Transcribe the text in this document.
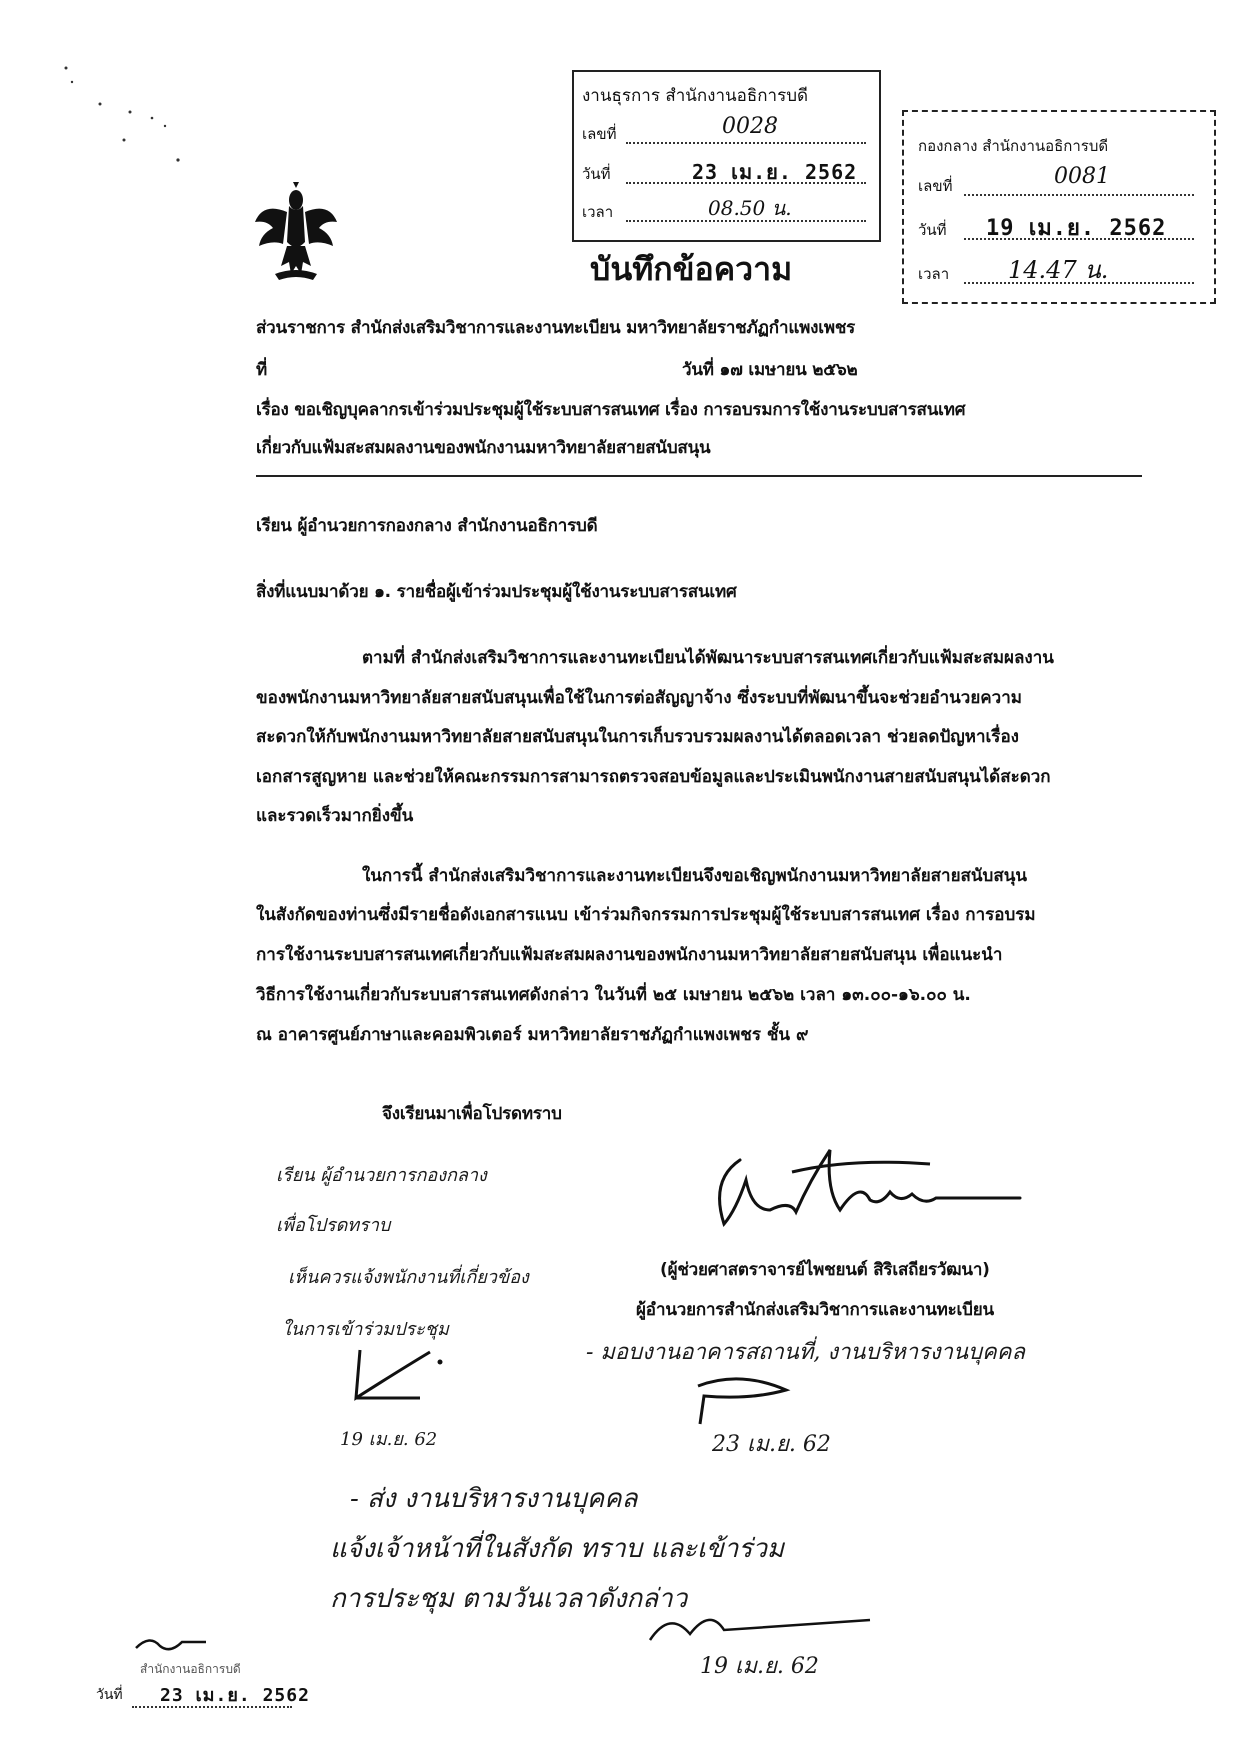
งานธุรการ สำนักงานอธิการบดี
เลขที่	0028
วันที่	23 เม.ย. 2562
เวลา	08.50 น.
กองกลาง สำนักงานอธิการบดี
เลขที่	0081
วันที่ 19 เม.ย. 2562
เวลา 14.47 น.
บันทึกข้อความ
ส่วนราชการ สำนักส่งเสริมวิชาการและงานทะเบียน มหาวิทยาลัยราชภัฏกำแพงเพชร
ที่	วันที่ ๑๗ เมษายน ๒๕๖๒
เรื่อง ขอเชิญบุคลากรเข้าร่วมประชุมผู้ใช้ระบบสารสนเทศ เรื่อง การอบรมการใช้งานระบบสารสนเทศ
เกี่ยวกับแฟ้มสะสมผลงานของพนักงานมหาวิทยาลัยสายสนับสนุน
เรียน ผู้อำนวยการกองกลาง สำนักงานอธิการบดี
สิ่งที่แนบมาด้วย ๑. รายชื่อผู้เข้าร่วมประชุมผู้ใช้งานระบบสารสนเทศ
ตามที่ สำนักส่งเสริมวิชาการและงานทะเบียนได้พัฒนาระบบสารสนเทศเกี่ยวกับแฟ้มสะสมผลงาน
ของพนักงานมหาวิทยาลัยสายสนับสนุนเพื่อใช้ในการต่อสัญญาจ้าง ซึ่งระบบที่พัฒนาขึ้นจะช่วยอำนวยความ
สะดวกให้กับพนักงานมหาวิทยาลัยสายสนับสนุนในการเก็บรวบรวมผลงานได้ตลอดเวลา ช่วยลดปัญหาเรื่อง
เอกสารสูญหาย และช่วยให้คณะกรรมการสามารถตรวจสอบข้อมูลและประเมินพนักงานสายสนับสนุนได้สะดวก
และรวดเร็วมากยิ่งขึ้น
ในการนี้ สำนักส่งเสริมวิชาการและงานทะเบียนจึงขอเชิญพนักงานมหาวิทยาลัยสายสนับสนุน
ในสังกัดของท่านซึ่งมีรายชื่อดังเอกสารแนบ เข้าร่วมกิจกรรมการประชุมผู้ใช้ระบบสารสนเทศ เรื่อง การอบรม
การใช้งานระบบสารสนเทศเกี่ยวกับแฟ้มสะสมผลงานของพนักงานมหาวิทยาลัยสายสนับสนุน เพื่อแนะนำ
วิธีการใช้งานเกี่ยวกับระบบสารสนเทศดังกล่าว ในวันที่ ๒๕ เมษายน ๒๕๖๒ เวลา ๑๓.๐๐-๑๖.๐๐ น.
ณ อาคารศูนย์ภาษาและคอมพิวเตอร์ มหาวิทยาลัยราชภัฏกำแพงเพชร ชั้น ๙
จึงเรียนมาเพื่อโปรดทราบ
(ผู้ช่วยศาสตราจารย์ไพชยนต์ สิริเสถียรวัฒนา)
ผู้อำนวยการสำนักส่งเสริมวิชาการและงานทะเบียน
เรียน ผู้อำนวยการกองกลาง
เพื่อโปรดทราบ
เห็นควรแจ้งพนักงานที่เกี่ยวข้อง
ในการเข้าร่วมประชุม
19 เม.ย. 62
- มอบงานอาคารสถานที่, งานบริหารงานบุคคล
23 เม.ย. 62
- ส่ง งานบริหารงานบุคคล
แจ้งเจ้าหน้าที่ในสังกัด ทราบ และเข้าร่วม
การประชุม ตามวันเวลาดังกล่าว
19 เม.ย. 62
สำนักงานอธิการบดี
วันที่ 23 เม.ย. 2562
